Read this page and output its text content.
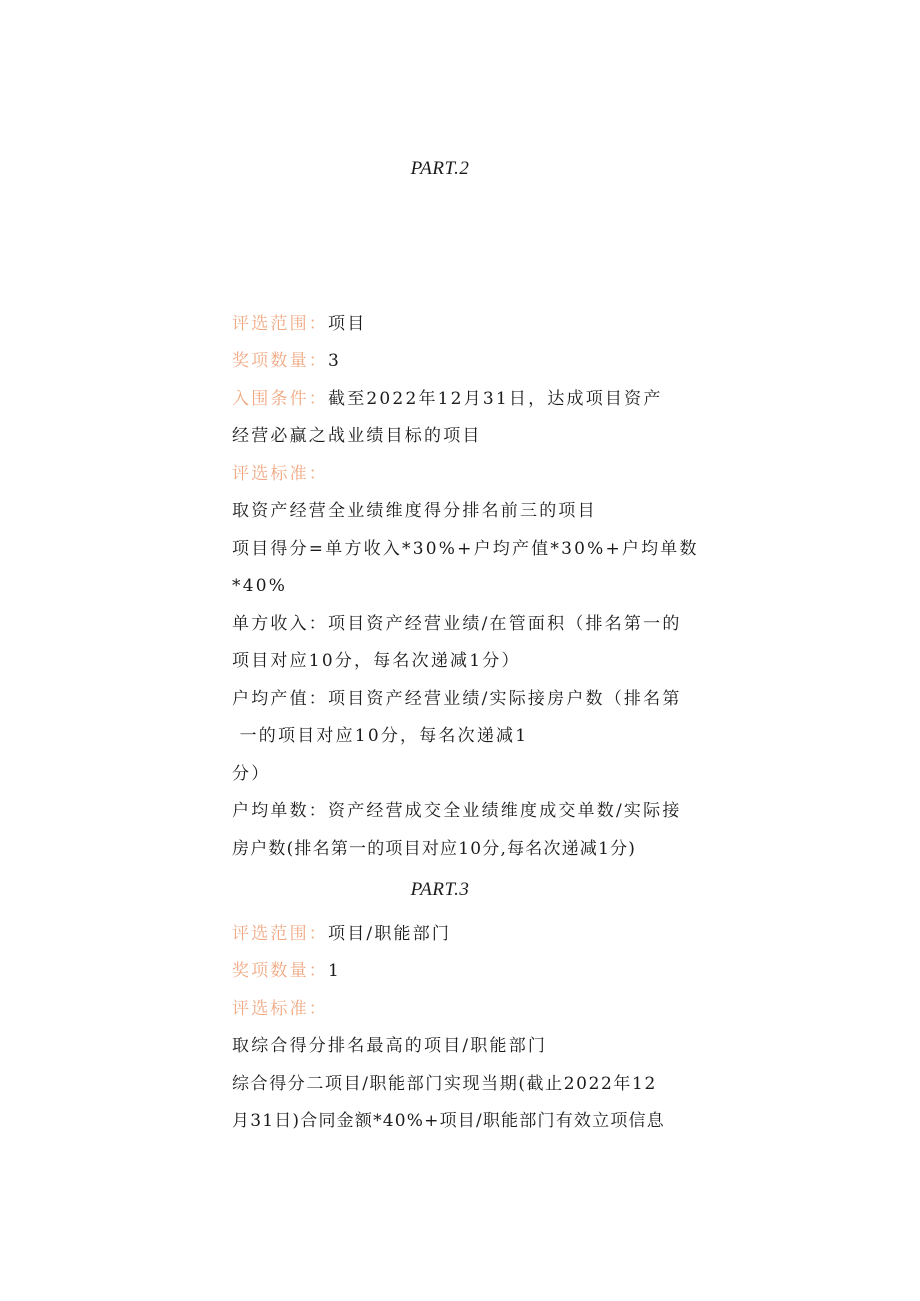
PART.2
评选范围：项目
奖项数量：3
入围条件：截至2022年12月31日，达成项目资产
经营必赢之战业绩目标的项目
评选标准：
取资产经营全业绩维度得分排名前三的项目
项目得分=单方收入*30%+户均产值*30%+户均单数
*40%
单方收入：项目资产经营业绩/在管面积（排名第一的
项目对应10分，每名次递减1分）
户均产值：项目资产经营业绩/实际接房户数（排名第
一的项目对应10分，每名次递减1
分）
户均单数：资产经营成交全业绩维度成交单数/实际接
房户数(排名第一的项目对应10分,每名次递减1分)
PART.3
评选范围：项目/职能部门
奖项数量：1
评选标准：
取综合得分排名最高的项目/职能部门
综合得分二项目/职能部门实现当期(截止2022年12
月31日)合同金额*40%+项目/职能部门有效立项信息
